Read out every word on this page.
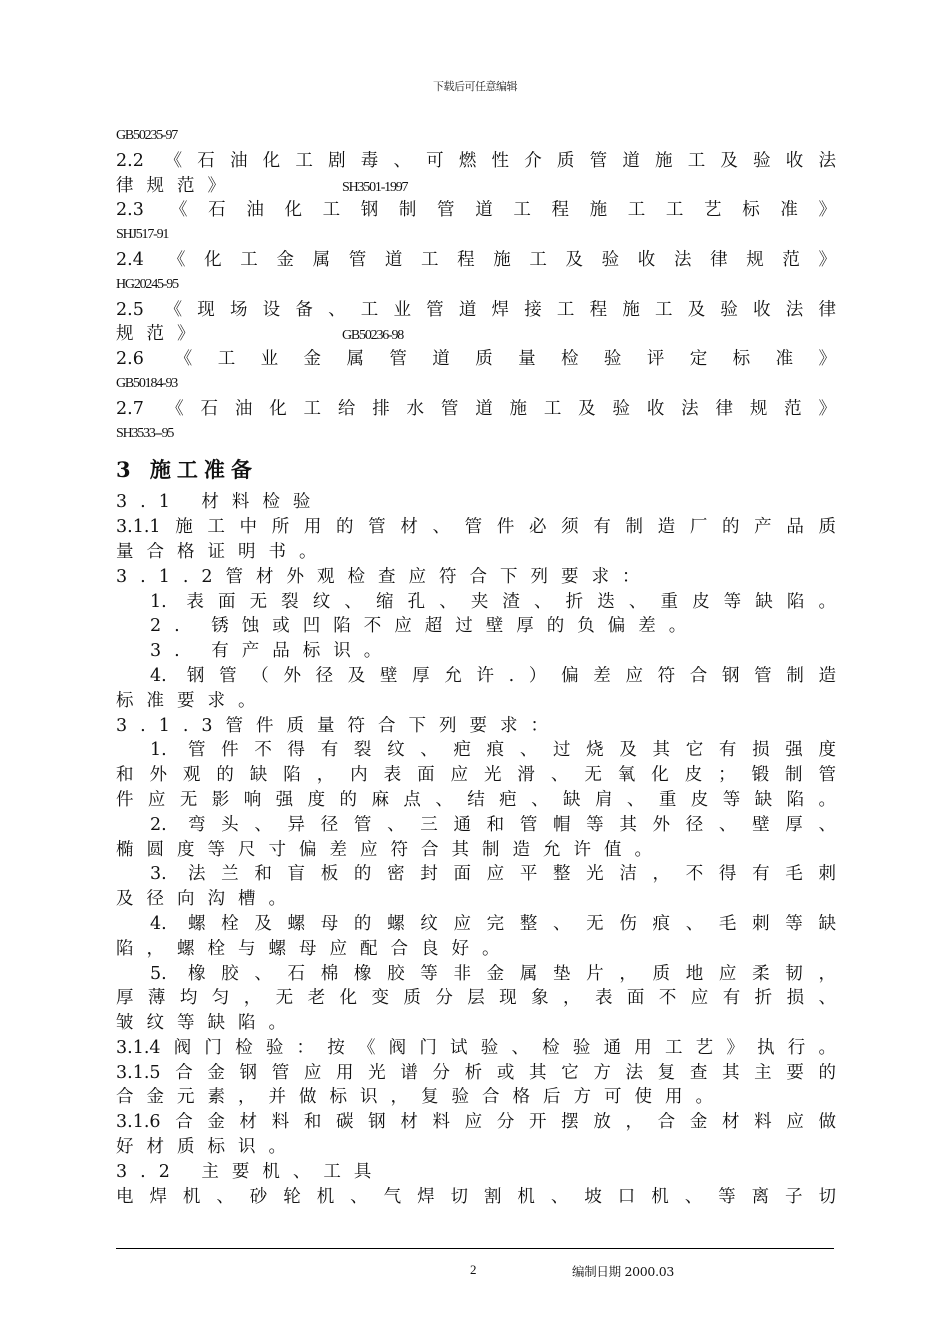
下载后可任意编辑
GB50235-97
2.2 《石油化工剧毒、可燃性介质管道施工及验收法
律规范》	SH3501-1997
2.3 《石油化工钢制管道工程施工工艺标准》
SHJ517-91
2.4 《化工金属管道工程施工及验收法律规范》
HG20245-95
2.5 《现场设备、工业管道焊接工程施工及验收法律
规范》	GB50236-98
2.6 《工业金属管道质量检验评定标准》
GB50184-93
2.7 《石油化工给排水管道施工及验收法律规范》
SH3533--95
3 施工准备
3.1 材料检验
3.1.1施工中所用的管材、管件必须有制造厂的产品质
量合格证明书。
3.1.2管材外观检查应符合下列要求：
1. 表面无裂纹、缩孔、夹渣、折迭、重皮等缺陷。
2. 锈蚀或凹陷不应超过壁厚的负偏差。
3. 有产品标识。
4. 钢管（外径及壁厚允许.）偏差应符合钢管制造
标准要求。
3.1.3管件质量符合下列要求：
1. 管件不得有裂纹、疤痕、过烧及其它有损强度
和外观的缺陷，内表面应光滑、无氧化皮；锻制管
件应无影响强度的麻点、结疤、缺肩、重皮等缺陷。
2. 弯头、异径管、三通和管帽等其外径、壁厚、
椭圆度等尺寸偏差应符合其制造允许值。
3. 法兰和盲板的密封面应平整光洁，不得有毛刺
及径向沟槽。
4. 螺栓及螺母的螺纹应完整、无伤痕、毛刺等缺
陷，螺栓与螺母应配合良好。
5. 橡胶、石棉橡胶等非金属垫片，质地应柔韧，
厚薄均匀，无老化变质分层现象，表面不应有折损、
皱纹等缺陷。
3.1.4阀门检验：按《阀门试验、检验通用工艺》执行。
3.1.5合金钢管应用光谱分析或其它方法复查其主要的
合金元素，并做标识，复验合格后方可使用。
3.1.6合金材料和碳钢材料应分开摆放，合金材料应做
好材质标识。
3.2 主要机、工具
电焊机、砂轮机、气焊切割机、坡口机、等离子切
2	编制日期 2000.03
